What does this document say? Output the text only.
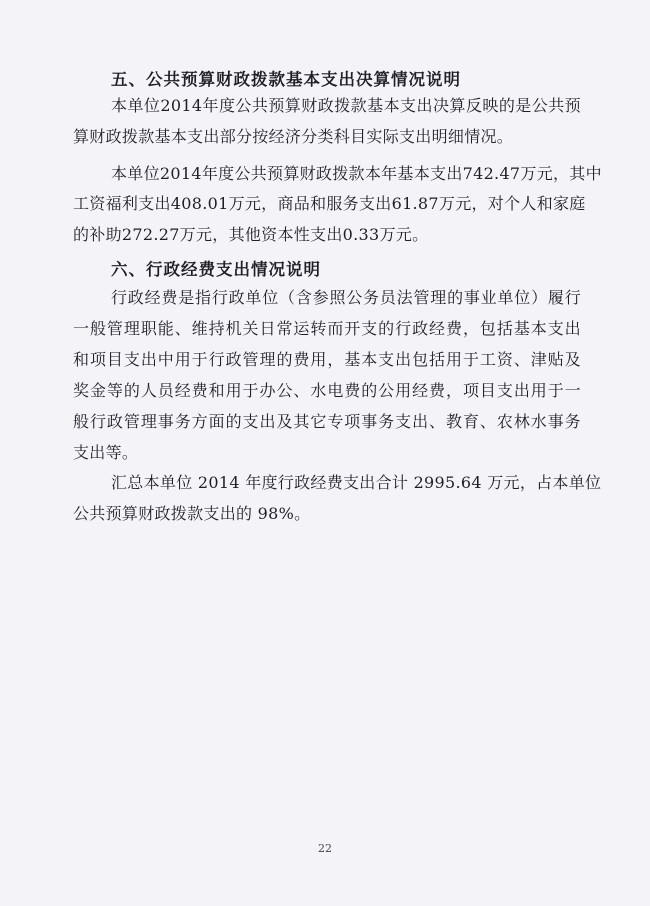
五、公共预算财政拨款基本支出决算情况说明
本单位2014年度公共预算财政拨款基本支出决算反映的是公共预
算财政拨款基本支出部分按经济分类科目实际支出明细情况。
本单位2014年度公共预算财政拨款本年基本支出742.47万元，其中
工资福利支出408.01万元，商品和服务支出61.87万元，对个人和家庭
的补助272.27万元，其他资本性支出0.33万元。
六、行政经费支出情况说明
行政经费是指行政单位（含参照公务员法管理的事业单位）履行
一般管理职能、维持机关日常运转而开支的行政经费，包括基本支出
和项目支出中用于行政管理的费用，基本支出包括用于工资、津贴及
奖金等的人员经费和用于办公、水电费的公用经费，项目支出用于一
般行政管理事务方面的支出及其它专项事务支出、教育、农林水事务
支出等。
汇总本单位 2014 年度行政经费支出合计 2995.64 万元，占本单位
公共预算财政拨款支出的 98%。
22
